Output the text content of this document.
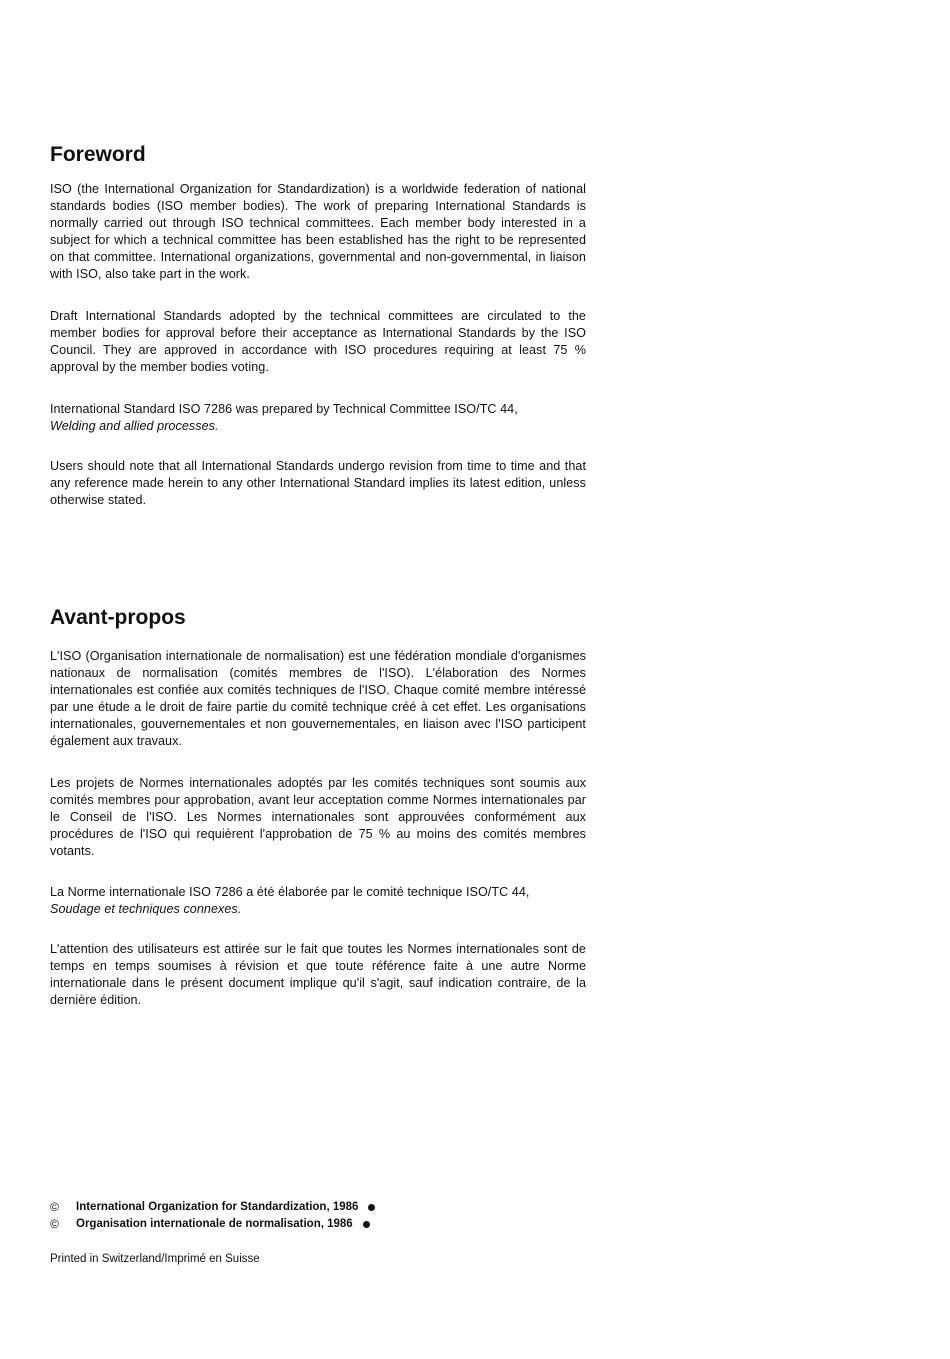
Foreword

ISO (the International Organization for Standardization) is a worldwide federation of national standards bodies (ISO member bodies). The work of preparing International Standards is normally carried out through ISO technical committees. Each member body interested in a subject for which a technical committee has been established has the right to be represented on that committee. International organizations, governmental and non-governmental, in liaison with ISO, also take part in the work.

Draft International Standards adopted by the technical committees are circulated to the member bodies for approval before their acceptance as International Standards by the ISO Council. They are approved in accordance with ISO procedures requiring at least 75 % approval by the member bodies voting.

International Standard ISO 7286 was prepared by Technical Committee ISO/TC 44,

Welding and allied processes.

Users should note that all International Standards undergo revision from time to time and that any reference made herein to any other International Standard implies its latest edition, unless otherwise stated.

Avant-propos

L'ISO (Organisation internationale de normalisation) est une fédération mondiale d'organismes nationaux de normalisation (comités membres de l'ISO). L'élaboration des Normes internationales est confiée aux comités techniques de l'ISO. Chaque comité membre intéressé par une étude a le droit de faire partie du comité technique créé à cet effet. Les organisations internationales, gouvernementales et non gouvernementales, en liaison avec l'ISO participent également aux travaux.

Les projets de Normes internationales adoptés par les comités techniques sont soumis aux comités membres pour approbation, avant leur acceptation comme Normes internationales par le Conseil de l'ISO. Les Normes internationales sont approuvées conformément aux procédures de l'ISO qui requièrent l'approbation de 75 % au moins des comités membres votants.

La Norme internationale ISO 7286 a été élaborée par le comité technique ISO/TC 44,

Soudage et techniques connexes.

L'attention des utilisateurs est attirée sur le fait que toutes les Normes internationales sont de temps en temps soumises à révision et que toute référence faite à une autre Norme internationale dans le présent document implique qu'il s'agit, sauf indication contraire, de la dernière édition.

©	International Organization for Standardization, 1986
©	Organisation internationale de normalisation, 1986
Printed in Switzerland/Imprimé en Suisse
